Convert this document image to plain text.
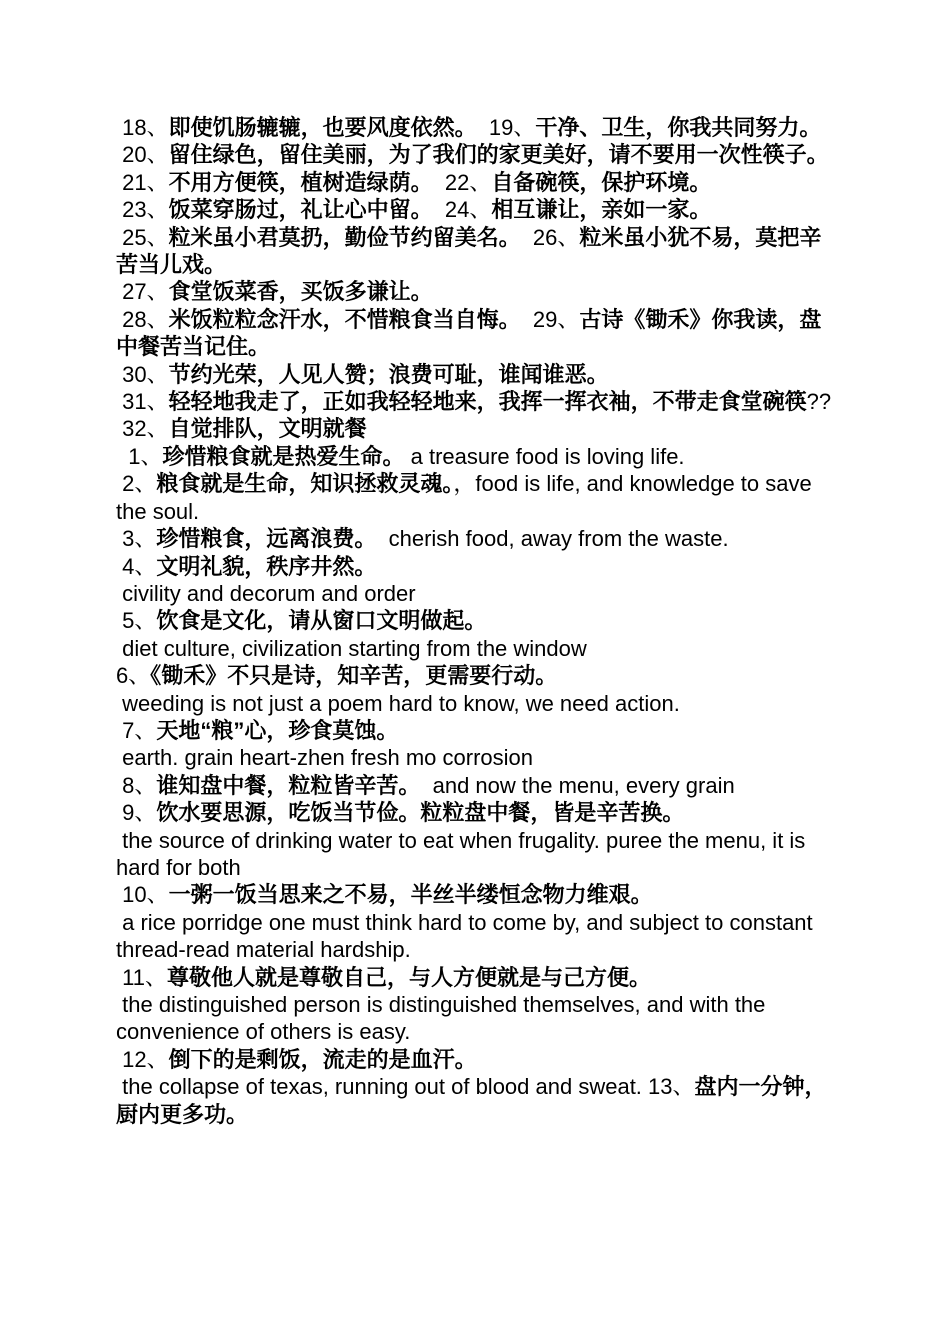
18、即使饥肠辘辘，也要风度依然。  19、干净、卫生，你我共同努力。
20、留住绿色，留住美丽，为了我们的家更美好，请不要用一次性筷子。
21、不用方便筷，植树造绿荫。  22、自备碗筷，保护环境。
23、饭菜穿肠过，礼让心中留。  24、相互谦让，亲如一家。
25、粒米虽小君莫扔，勤俭节约留美名。  26、粒米虽小犹不易，莫把辛苦当儿戏。
27、食堂饭菜香，买饭多谦让。
28、米饭粒粒念汗水，不惜粮食当自悔。  29、古诗《锄禾》你我读，盘中餐苦当记住。
30、节约光荣，人见人赞；浪费可耻，谁闻谁恶。
31、轻轻地我走了，正如我轻轻地来，我挥一挥衣袖，不带走食堂碗筷??
32、自觉排队，文明就餐
1、珍惜粮食就是热爱生命。 a treasure food is loving life.
2、粮食就是生命，知识拯救灵魂。，food is life, and knowledge to save the soul.
3、珍惜粮食，远离浪费。  cherish food, away from the waste.
4、文明礼貌，秩序井然。
civility and decorum and order
5、饮食是文化，请从窗口文明做起。
diet culture, civilization starting from the window
6、《锄禾》不只是诗，知辛苦，更需要行动。
weeding is not just a poem hard to know, we need action.
7、天地“粮”心，珍食莫蚀。
earth. grain heart-zhen fresh mo corrosion
8、谁知盘中餐，粒粒皆辛苦。  and now the menu, every grain
9、饮水要思源，吃饭当节俭。粒粒盘中餐，皆是辛苦换。
the source of drinking water to eat when frugality. puree the menu, it is hard for both
10、一粥一饭当思来之不易，半丝半缕恒念物力维艰。
a rice porridge one must think hard to come by, and subject to constant thread-read material hardship.
11、尊敬他人就是尊敬自己，与人方便就是与己方便。
the distinguished person is distinguished themselves, and with the convenience of others is easy.
12、倒下的是剩饭，流走的是血汗。
the collapse of texas, running out of blood and sweat. 13、盘内一分钟，厨内更多功。
